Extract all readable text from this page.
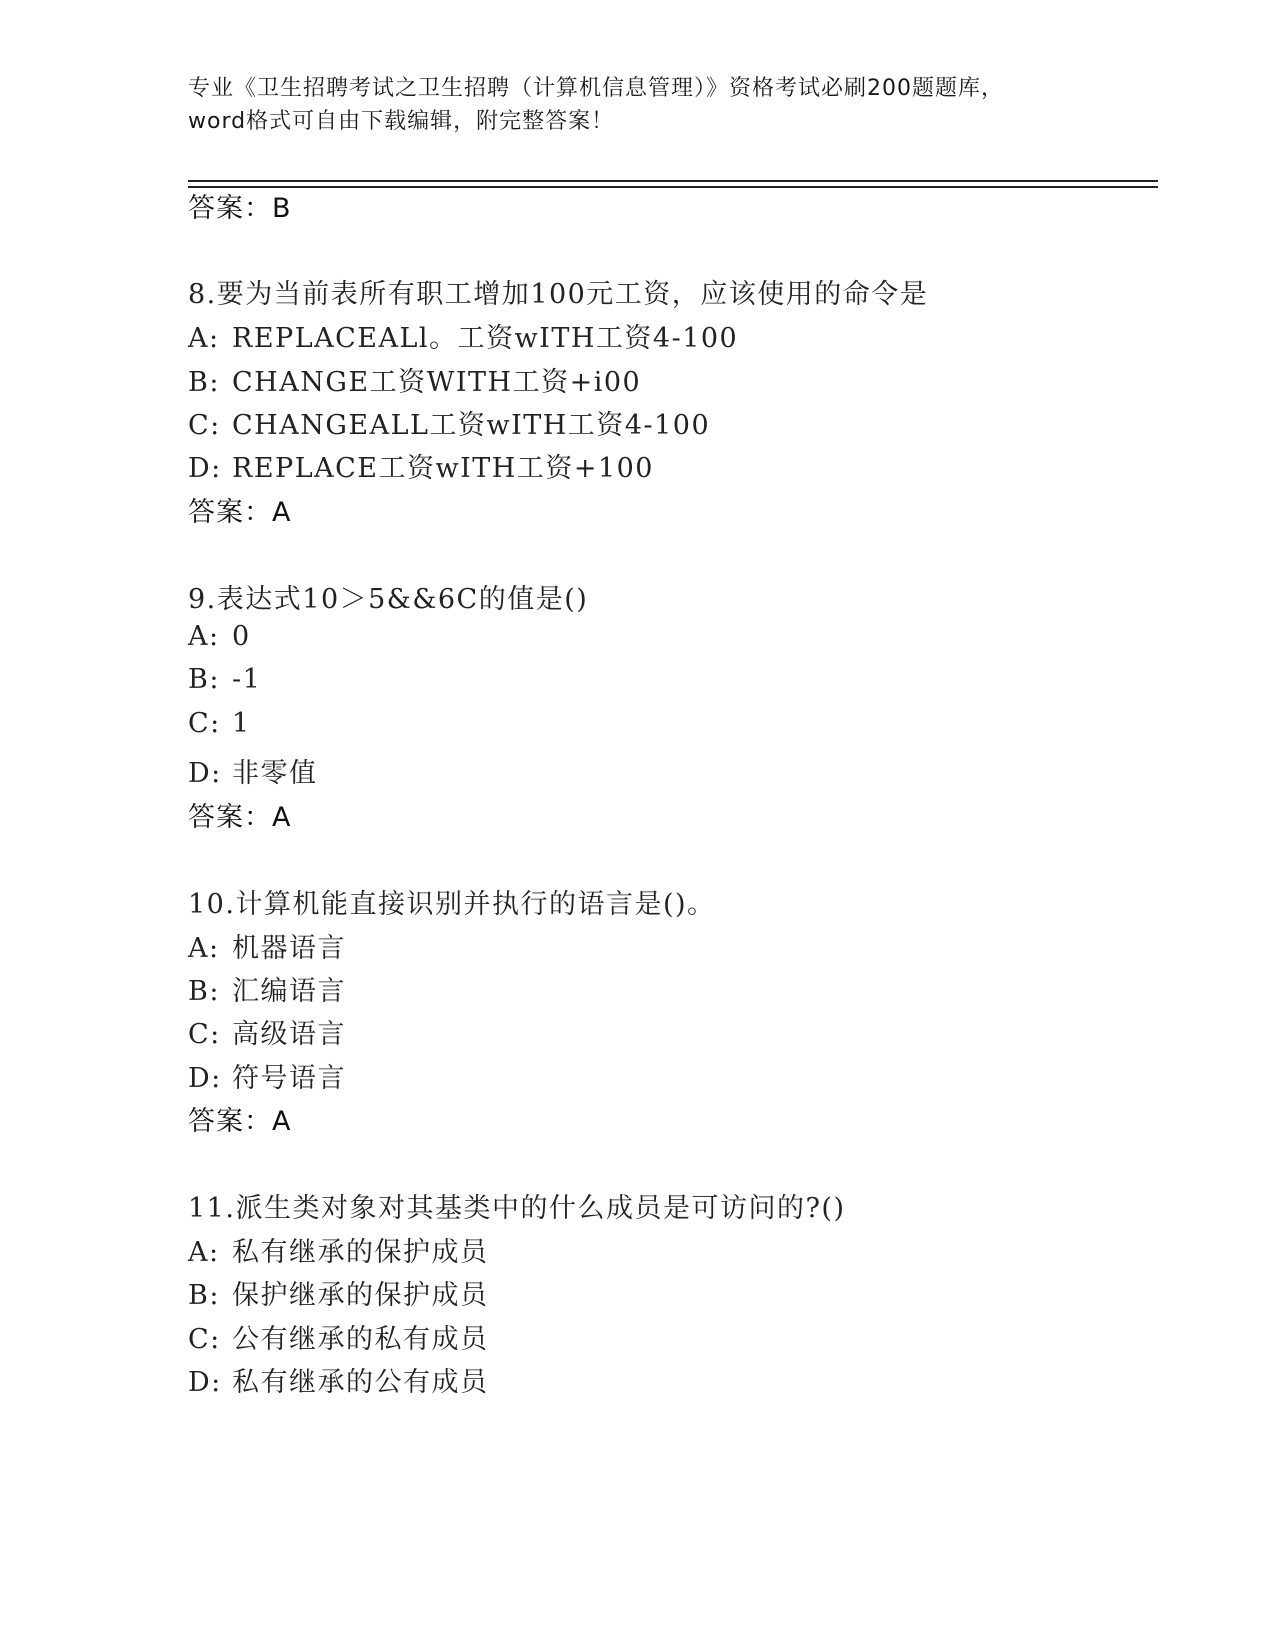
专业《卫生招聘考试之卫生招聘（计算机信息管理）》资格考试必刷200题题库，
word格式可自由下载编辑，附完整答案！
答案：B
8.要为当前表所有职工增加100元工资，应该使用的命令是
A: REPLACEALl。工资wITH工资4-100
B: CHANGE工资WITH工资+i00
C: CHANGEALL工资wITH工资4-100
D: REPLACE工资wITH工资+100
答案：A
9.表达式10＞5&&6C的值是()
A: 0
B: -1
C: 1
D: 非零值
答案：A
10.计算机能直接识别并执行的语言是()。
A: 机器语言
B: 汇编语言
C: 高级语言
D: 符号语言
答案：A
11.派生类对象对其基类中的什么成员是可访问的?()
A: 私有继承的保护成员
B: 保护继承的保护成员
C: 公有继承的私有成员
D: 私有继承的公有成员
